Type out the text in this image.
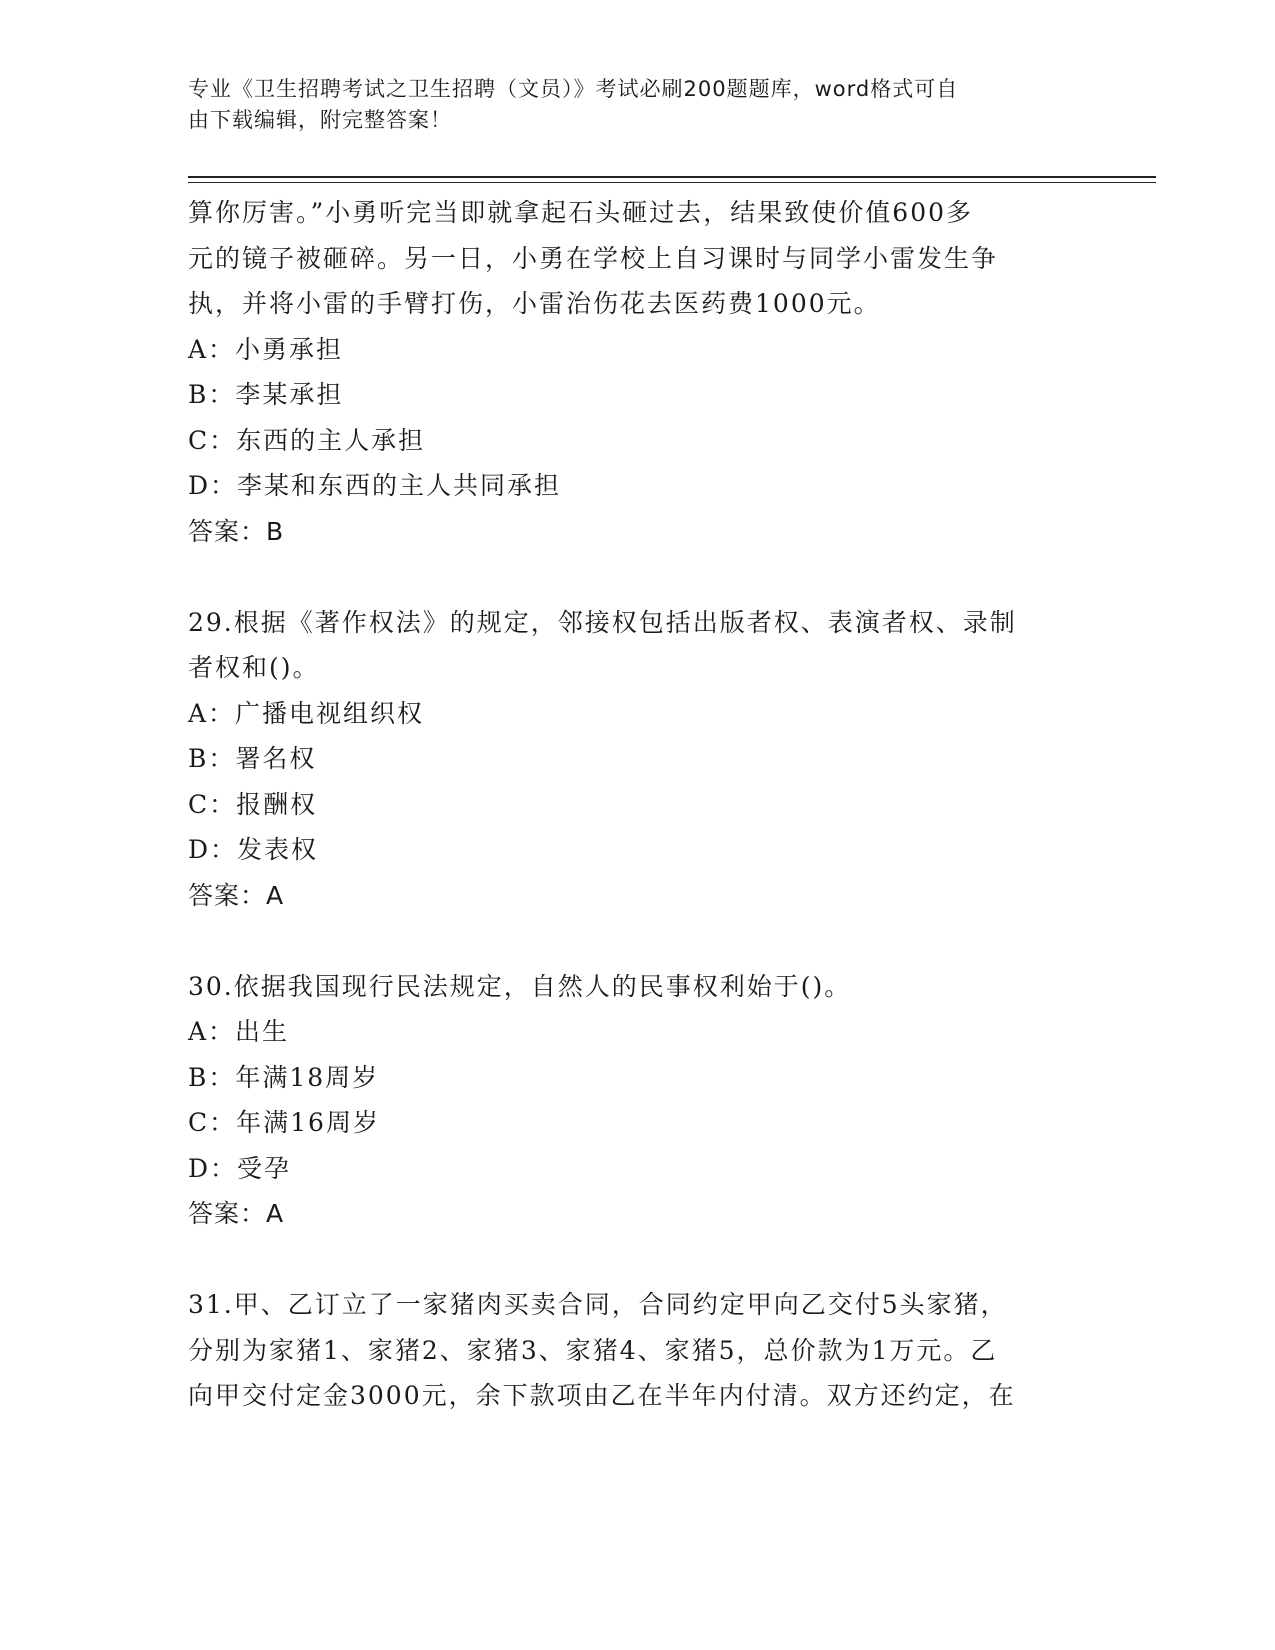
专业《卫生招聘考试之卫生招聘（文员）》考试必刷200题题库，word格式可自
由下载编辑，附完整答案！
算你厉害。”小勇听完当即就拿起石头砸过去，结果致使价值600多
元的镜子被砸碎。另一日，小勇在学校上自习课时与同学小雷发生争
执，并将小雷的手臂打伤，小雷治伤花去医药费1000元。
A：小勇承担
B：李某承担
C：东西的主人承担
D：李某和东西的主人共同承担
答案：B
29.根据《著作权法》的规定，邻接权包括出版者权、表演者权、录制
者权和()。
A：广播电视组织权
B：署名权
C：报酬权
D：发表权
答案：A
30.依据我国现行民法规定，自然人的民事权利始于()。
A：出生
B：年满18周岁
C：年满16周岁
D：受孕
答案：A
31.甲、乙订立了一家猪肉买卖合同，合同约定甲向乙交付5头家猪，
分别为家猪1、家猪2、家猪3、家猪4、家猪5，总价款为1万元。乙
向甲交付定金3000元，余下款项由乙在半年内付清。双方还约定，在
